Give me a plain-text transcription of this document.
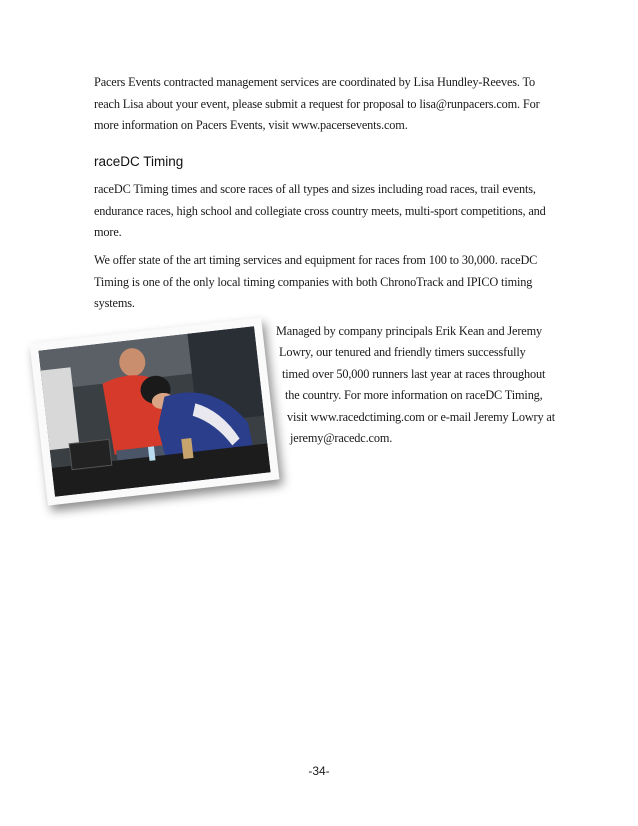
Pacers Events contracted management services are coordinated by Lisa Hundley-Reeves. To reach Lisa about your event, please submit a request for proposal to lisa@runpacers.com. For more information on Pacers Events, visit www.pacersevents.com.

raceDC Timing

raceDC Timing times and score races of all types and sizes including road races, trail events, endurance races, high school and collegiate cross country meets, multi-sport competitions, and more.

We offer state of the art timing services and equipment for races from 100 to 30,000. raceDC Timing is one of the only local timing companies with both ChronoTrack and IPICO timing systems.

Managed by company principals Erik Kean and Jeremy

Lowry, our tenured and friendly timers successfully

timed over 50,000 runners last year at races throughout

the country. For more information on raceDC Timing,

visit www.racedctiming.com or e-mail Jeremy Lowry at

jeremy@racedc.com.

-34-
